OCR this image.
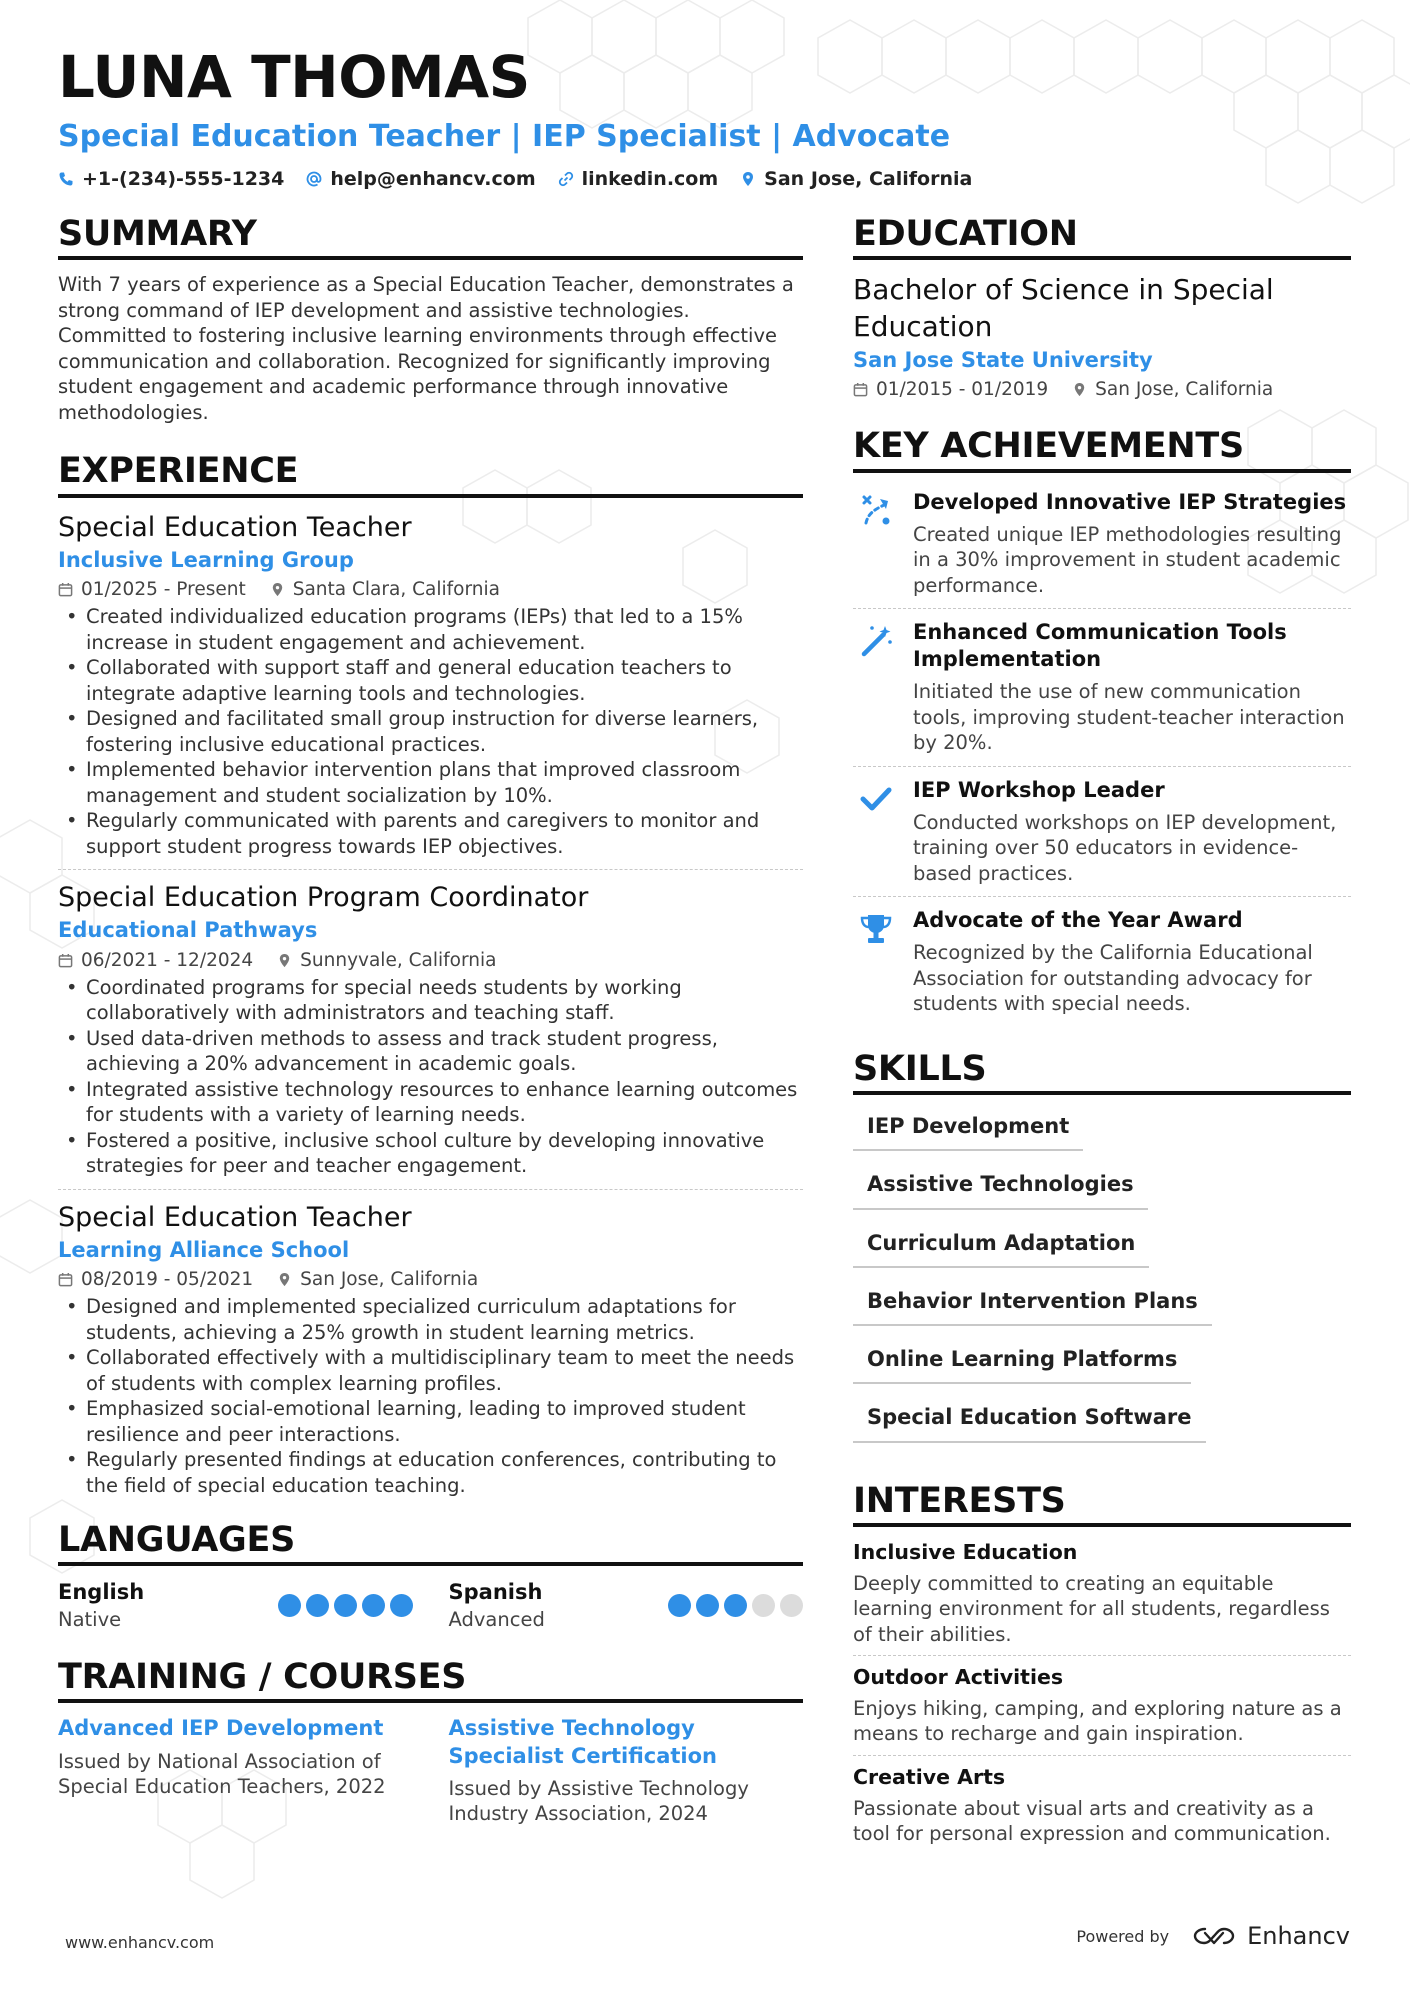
LUNA THOMAS
Special Education Teacher | IEP Specialist | Advocate
+1-(234)-555-1234 help@enhancv.com linkedin.com San Jose, California
SUMMARY

With 7 years of experience as a Special Education Teacher, demonstrates a strong command of IEP development and assistive technologies. Committed to fostering inclusive learning environments through effective communication and collaboration. Recognized for significantly improving student engagement and academic performance through innovative methodologies.

EXPERIENCE
Special Education Teacher
Inclusive Learning Group
01/2025 - Present	Santa Clara, California
• Created individualized education programs (IEPs) that led to a 15% increase in student engagement and achievement.
• Collaborated with support staff and general education teachers to integrate adaptive learning tools and technologies.
• Designed and facilitated small group instruction for diverse learners, fostering inclusive educational practices.
• Implemented behavior intervention plans that improved classroom management and student socialization by 10%.
• Regularly communicated with parents and caregivers to monitor and support student progress towards IEP objectives.
Special Education Program Coordinator
Educational Pathways
06/2021 - 12/2024	Sunnyvale, California
• Coordinated programs for special needs students by working collaboratively with administrators and teaching staff.
• Used data-driven methods to assess and track student progress, achieving a 20% advancement in academic goals.
• Integrated assistive technology resources to enhance learning outcomes for students with a variety of learning needs.
• Fostered a positive, inclusive school culture by developing innovative strategies for peer and teacher engagement.
Special Education Teacher
Learning Alliance School
08/2019 - 05/2021	San Jose, California
• Designed and implemented specialized curriculum adaptations for students, achieving a 25% growth in student learning metrics.
• Collaborated effectively with a multidisciplinary team to meet the needs of students with complex learning profiles.
• Emphasized social-emotional learning, leading to improved student resilience and peer interactions.
• Regularly presented findings at education conferences, contributing to the field of special education teaching.
LANGUAGES
English
Native
Spanish
Advanced
TRAINING / COURSES
Advanced IEP Development
Issued by National Association of Special Education Teachers, 2022
Assistive Technology Specialist Certification
Issued by Assistive Technology Industry Association, 2024
EDUCATION
Bachelor of Science in Special Education
San Jose State University
01/2015 - 01/2019	San Jose, California
KEY ACHIEVEMENTS
Developed Innovative IEP Strategies
Created unique IEP methodologies resulting in a 30% improvement in student academic performance.
Enhanced Communication Tools Implementation
Initiated the use of new communication tools, improving student-teacher interaction by 20%.
IEP Workshop Leader
Conducted workshops on IEP development, training over 50 educators in evidence-based practices.
Advocate of the Year Award
Recognized by the California Educational Association for outstanding advocacy for students with special needs.
SKILLS
IEP Development
Assistive Technologies
Curriculum Adaptation
Behavior Intervention Plans
Online Learning Platforms
Special Education Software
INTERESTS
Inclusive Education
Deeply committed to creating an equitable learning environment for all students, regardless of their abilities.
Outdoor Activities
Enjoys hiking, camping, and exploring nature as a means to recharge and gain inspiration.
Creative Arts
Passionate about visual arts and creativity as a tool for personal expression and communication.
www.enhancv.com	Powered by	Enhancv
